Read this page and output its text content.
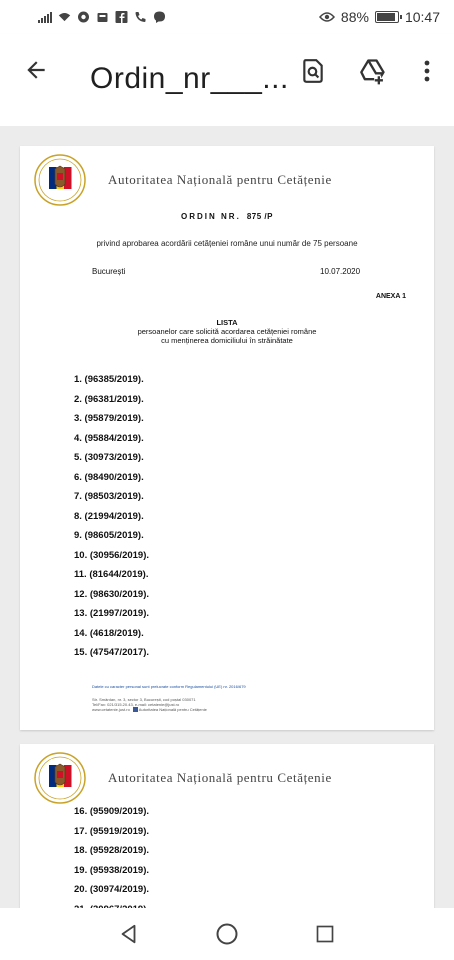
88%	10:47
Ordin_nr___...
Autoritatea Națională pentru Cetățenie
ORDIN NR. 875 /P
privind aprobarea acordării cetățeniei române unui număr de 75 persoane
București	10.07.2020
ANEXA 1
LISTA
persoanelor care solicită acordarea cetățeniei române
cu menținerea domiciliului în străinătate
1. (96385/2019).
2. (96381/2019).
3. (95879/2019).
4. (95884/2019).
5. (30973/2019).
6. (98490/2019).
7. (98503/2019).
8. (21994/2019).
9. (98605/2019).
10. (30956/2019).
11. (81644/2019).
12. (98630/2019).
13. (21997/2019).
14. (4618/2019).
15. (47547/2017).
Datele cu caracter personal sunt prelucrate conform Regulamentului (UE) nr. 2016/679
Str. Smârdan, nr. 3, sector 3, București, cod poștal 030071
Tel/Fax: 021/315.20.43, e-mail: cetatenie@just.ro
www.cetatenie.just.ro Autoritatea Națională pentru Cetățenie
Autoritatea Națională pentru Cetățenie
16. (95909/2019).
17. (95919/2019).
18. (95928/2019).
19. (95938/2019).
20. (30974/2019).
